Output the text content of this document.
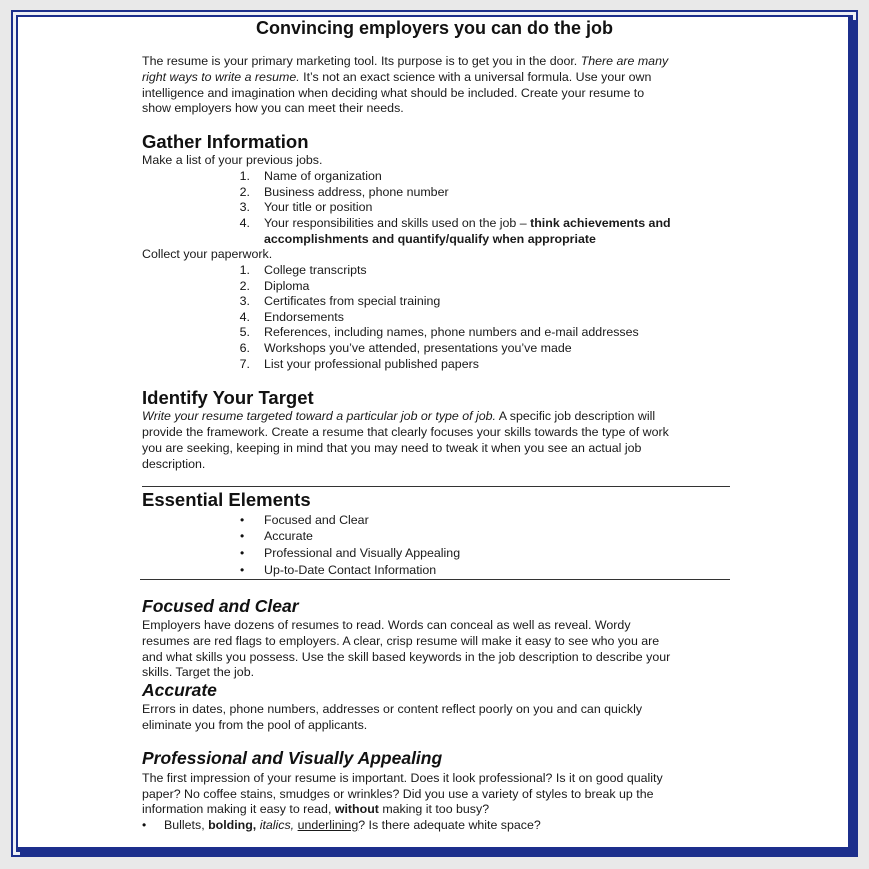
Convincing employers you can do the job
The resume is your primary marketing tool. Its purpose is to get you in the door. There are many
right ways to write a resume. It’s not an exact science with a universal formula. Use your own
intelligence and imagination when deciding what should be included. Create your resume to
show employers how you can meet their needs.
Gather Information
Make a list of your previous jobs.
1. Name of organization
2. Business address, phone number
3. Your title or position
4. Your responsibilities and skills used on the job – think achievements and
accomplishments and quantify/qualify when appropriate
Collect your paperwork.
1. College transcripts
2. Diploma
3. Certificates from special training
4. Endorsements
5. References, including names, phone numbers and e-mail addresses
6. Workshops you’ve attended, presentations you’ve made
7. List your professional published papers
Identify Your Target
Write your resume targeted toward a particular job or type of job. A specific job description will
provide the framework. Create a resume that clearly focuses your skills towards the type of work
you are seeking, keeping in mind that you may need to tweak it when you see an actual job
description.
Essential Elements
• Focused and Clear
• Accurate
• Professional and Visually Appealing
• Up-to-Date Contact Information
Focused and Clear
Employers have dozens of resumes to read. Words can conceal as well as reveal. Wordy
resumes are red flags to employers. A clear, crisp resume will make it easy to see who you are
and what skills you possess. Use the skill based keywords in the job description to describe your
skills. Target the job.
Accurate
Errors in dates, phone numbers, addresses or content reflect poorly on you and can quickly
eliminate you from the pool of applicants.
Professional and Visually Appealing
The first impression of your resume is important. Does it look professional? Is it on good quality
paper? No coffee stains, smudges or wrinkles? Did you use a variety of styles to break up the
information making it easy to read, without making it too busy?
• Bullets, bolding, italics, underlining? Is there adequate white space?
